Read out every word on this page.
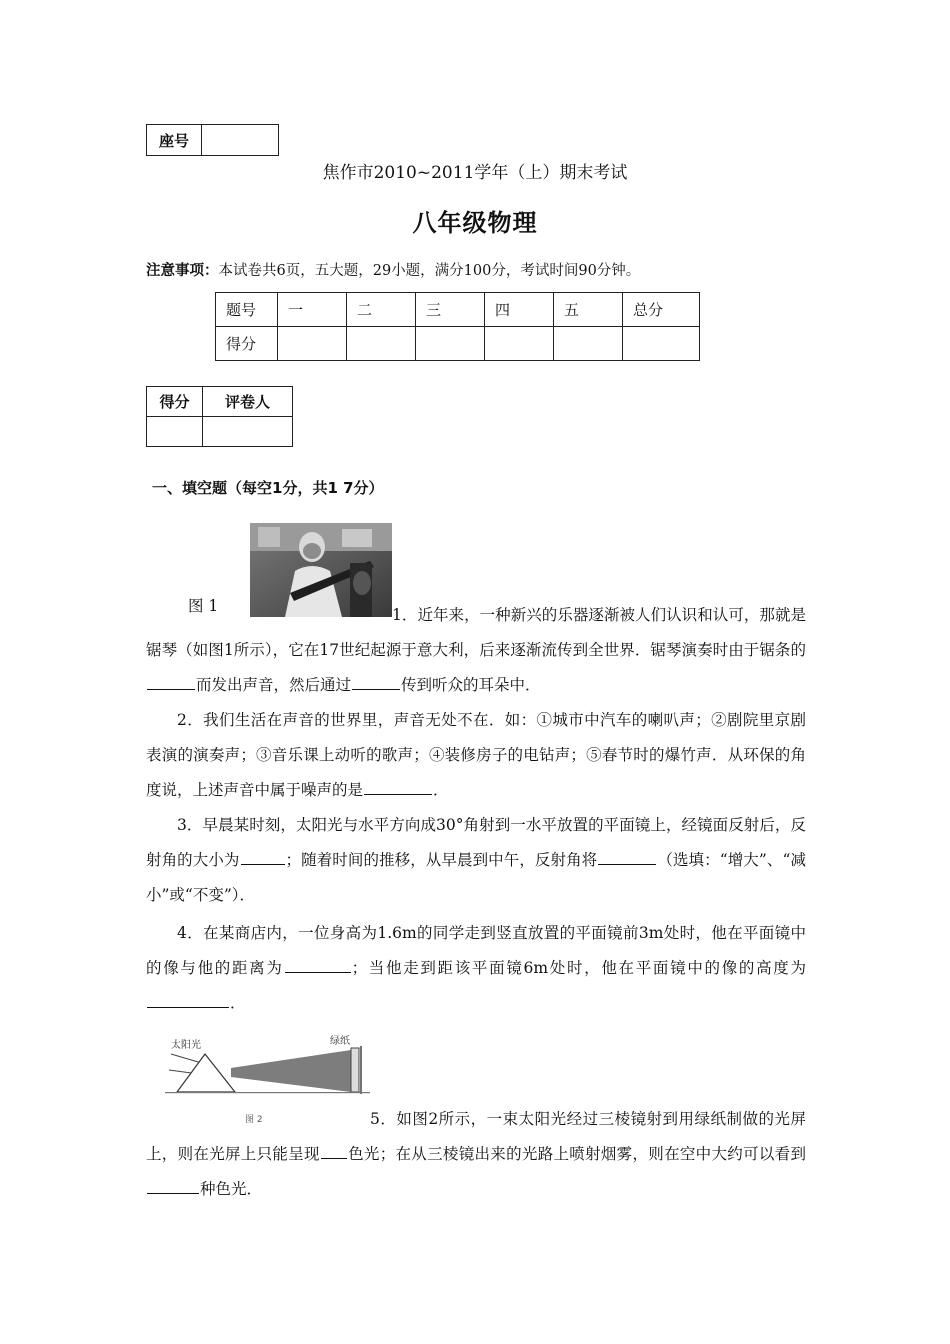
座号	
焦作市2010~2011学年（上）期末考试
八年级物理
注意事项：本试卷共6页，五大题，29小题，满分100分，考试时间90分钟。
题号	一	二	三	四	五	总分
得分						
得分	评卷人

一、填空题（每空1分，共1 7分）
图 1	1．近年来，一种新兴的乐器逐渐被人们认识和认可，那就是锯琴（如图1所示），它在17世纪起源于意大利，后来逐渐流传到全世界．锯琴演奏时由于锯条的而发出声音，然后通过	传到听众的耳朵中．
2．我们生活在声音的世界里，声音无处不在．如：①城市中汽车的喇叭声；②剧院里京剧表演的演奏声；③音乐课上动听的歌声；④装修房子的电钻声；⑤春节时的爆竹声．从环保的角度说，上述声音中属于噪声的是	．
3．早晨某时刻，太阳光与水平方向成30°角射到一水平放置的平面镜上，经镜面反射后，反射角的大小为	；随着时间的推移，从早晨到中午，反射角将	（选填：“增大”、“减小”或“不变”）．
4．在某商店内，一位身高为1.6m的同学走到竖直放置的平面镜前3m处时，他在平面镜中的像与他的距离为	；当他走到距该平面镜6m处时，他在平面镜中的像的高度为．
太阳光	绿纸
图 2	5．如图2所示，一束太阳光经过三棱镜射到用绿纸制做的光屏上，则在光屏上只能呈现 色光；在从三棱镜出来的光路上喷射烟雾，则在空中大约可以看到种色光．
